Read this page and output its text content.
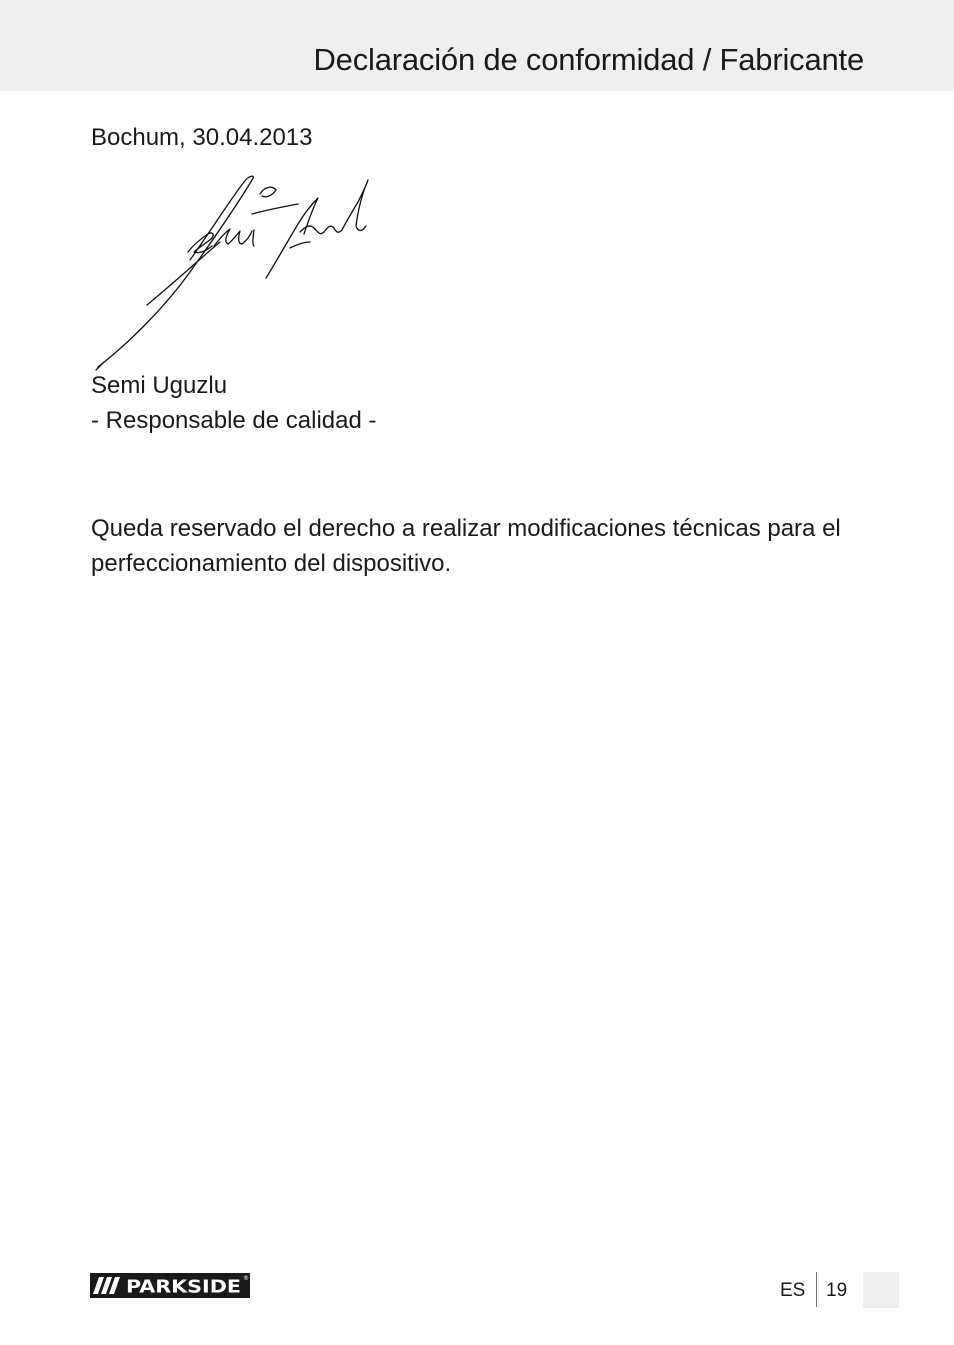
Declaración de conformidad / Fabricante
Bochum, 30.04.2013
Semi Uguzlu
- Responsable de calidad -

Queda reservado el derecho a realizar modificaciones técnicas para el perfeccionamiento del dispositivo.

PARKSIDE ®
ES 19
